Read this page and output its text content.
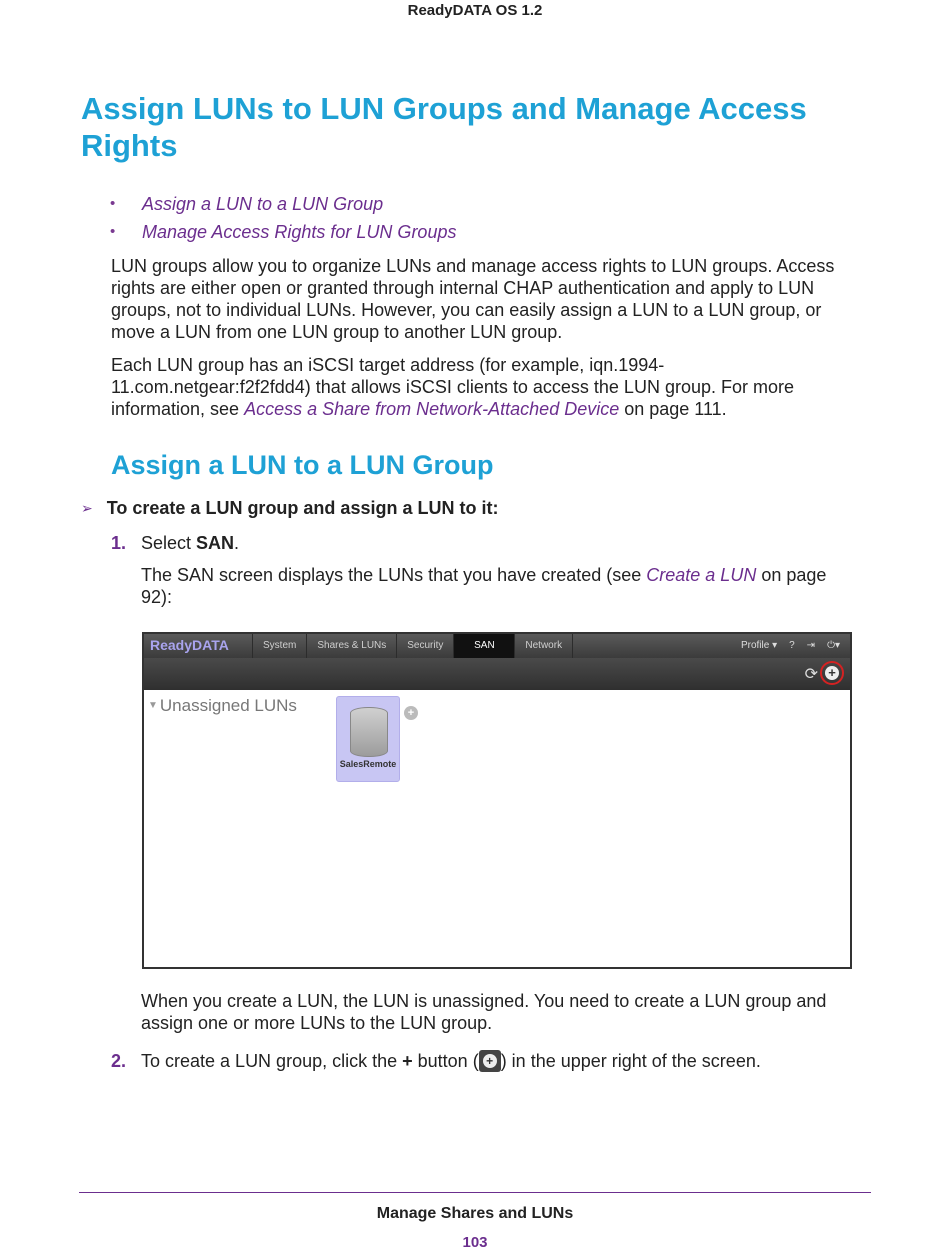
ReadyDATA OS 1.2
Assign LUNs to LUN Groups and Manage Access Rights
• Assign a LUN to a LUN Group
• Manage Access Rights for LUN Groups

LUN groups allow you to organize LUNs and manage access rights to LUN groups. Access rights are either open or granted through internal CHAP authentication and apply to LUN groups, not to individual LUNs. However, you can easily assign a LUN to a LUN group, or move a LUN from one LUN group to another LUN group.

Each LUN group has an iSCSI target address (for example, iqn.1994-11.com.netgear:f2f2fdd4) that allows iSCSI clients to access the LUN group. For more information, see Access a Share from Network-Attached Device on page 111.

Assign a LUN to a LUN Group
➢ To create a LUN group and assign a LUN to it:
1. Select SAN.

The SAN screen displays the LUNs that you have created (see Create a LUN on page 92):

ReadyDATA	System	Shares & LUNs	Security	SAN	Network	Profile ▾ ? ⇥ ⏻▾
⟳ +
▼ Unassigned LUNs
SalesRemote
+

When you create a LUN, the LUN is unassigned. You need to create a LUN group and assign one or more LUNs to the LUN group.

2. To create a LUN group, click the + button ( + ) in the upper right of the screen.
Manage Shares and LUNs
103
